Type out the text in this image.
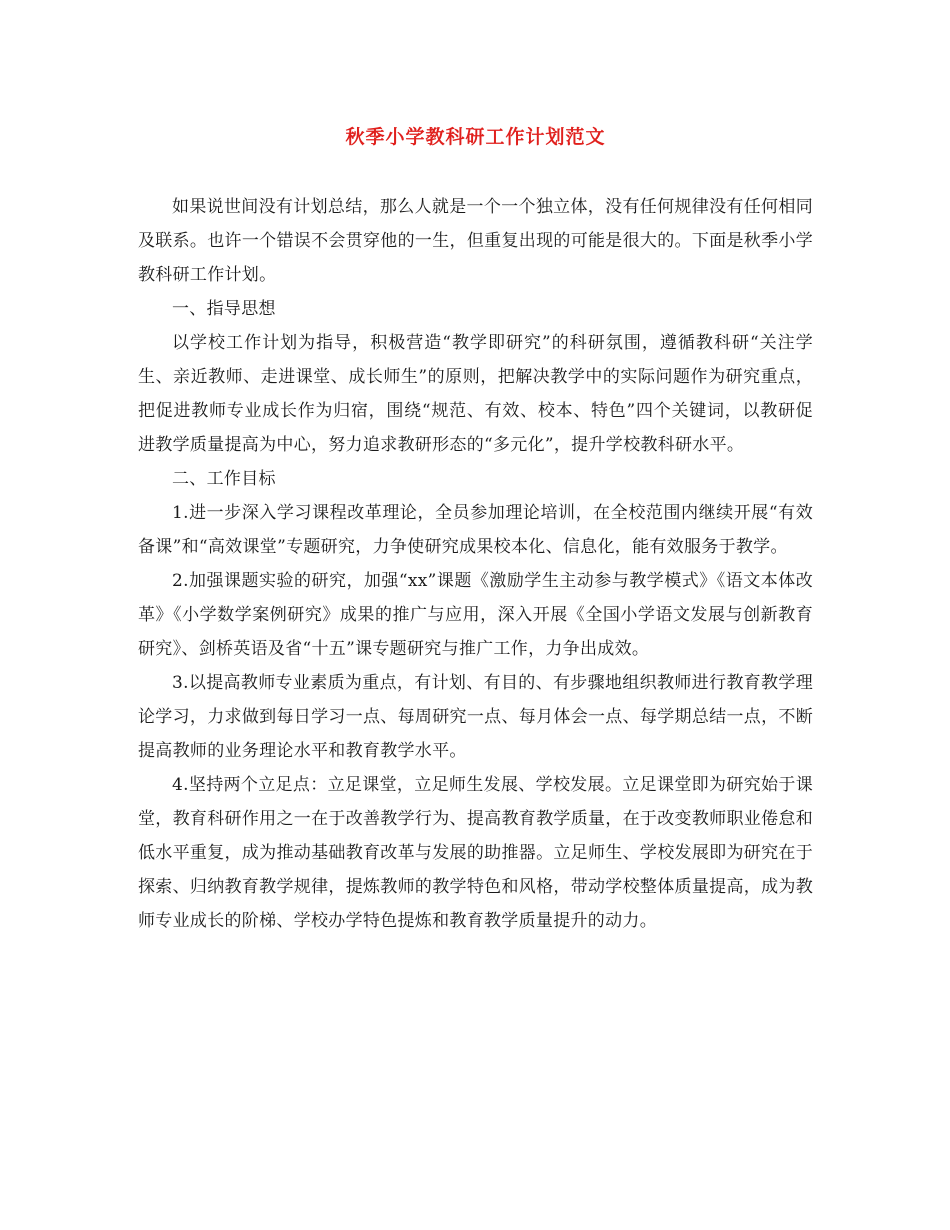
秋季小学教科研工作计划范文

如果说世间没有计划总结，那么人就是一个一个独立体，没有任何规律没有任何相同及联系。也许一个错误不会贯穿他的一生，但重复出现的可能是很大的。下面是秋季小学教科研工作计划。

一、指导思想

以学校工作计划为指导，积极营造“教学即研究”的科研氛围，遵循教科研“关注学生、亲近教师、走进课堂、成长师生”的原则，把解决教学中的实际问题作为研究重点，把促进教师专业成长作为归宿，围绕“规范、有效、校本、特色”四个关键词，以教研促进教学质量提高为中心，努力追求教研形态的“多元化”，提升学校教科研水平。

二、工作目标

1.进一步深入学习课程改革理论，全员参加理论培训，在全校范围内继续开展“有效备课”和“高效课堂”专题研究，力争使研究成果校本化、信息化，能有效服务于教学。

2.加强课题实验的研究，加强“xx”课题《激励学生主动参与教学模式》《语文本体改革》《小学数学案例研究》成果的推广与应用，深入开展《全国小学语文发展与创新教育研究》、剑桥英语及省“十五”课专题研究与推广工作，力争出成效。

3.以提高教师专业素质为重点，有计划、有目的、有步骤地组织教师进行教育教学理论学习，力求做到每日学习一点、每周研究一点、每月体会一点、每学期总结一点，不断提高教师的业务理论水平和教育教学水平。

4.坚持两个立足点：立足课堂，立足师生发展、学校发展。立足课堂即为研究始于课堂，教育科研作用之一在于改善教学行为、提高教育教学质量，在于改变教师职业倦怠和低水平重复，成为推动基础教育改革与发展的助推器。立足师生、学校发展即为研究在于探索、归纳教育教学规律，提炼教师的教学特色和风格，带动学校整体质量提高，成为教师专业成长的阶梯、学校办学特色提炼和教育教学质量提升的动力。
